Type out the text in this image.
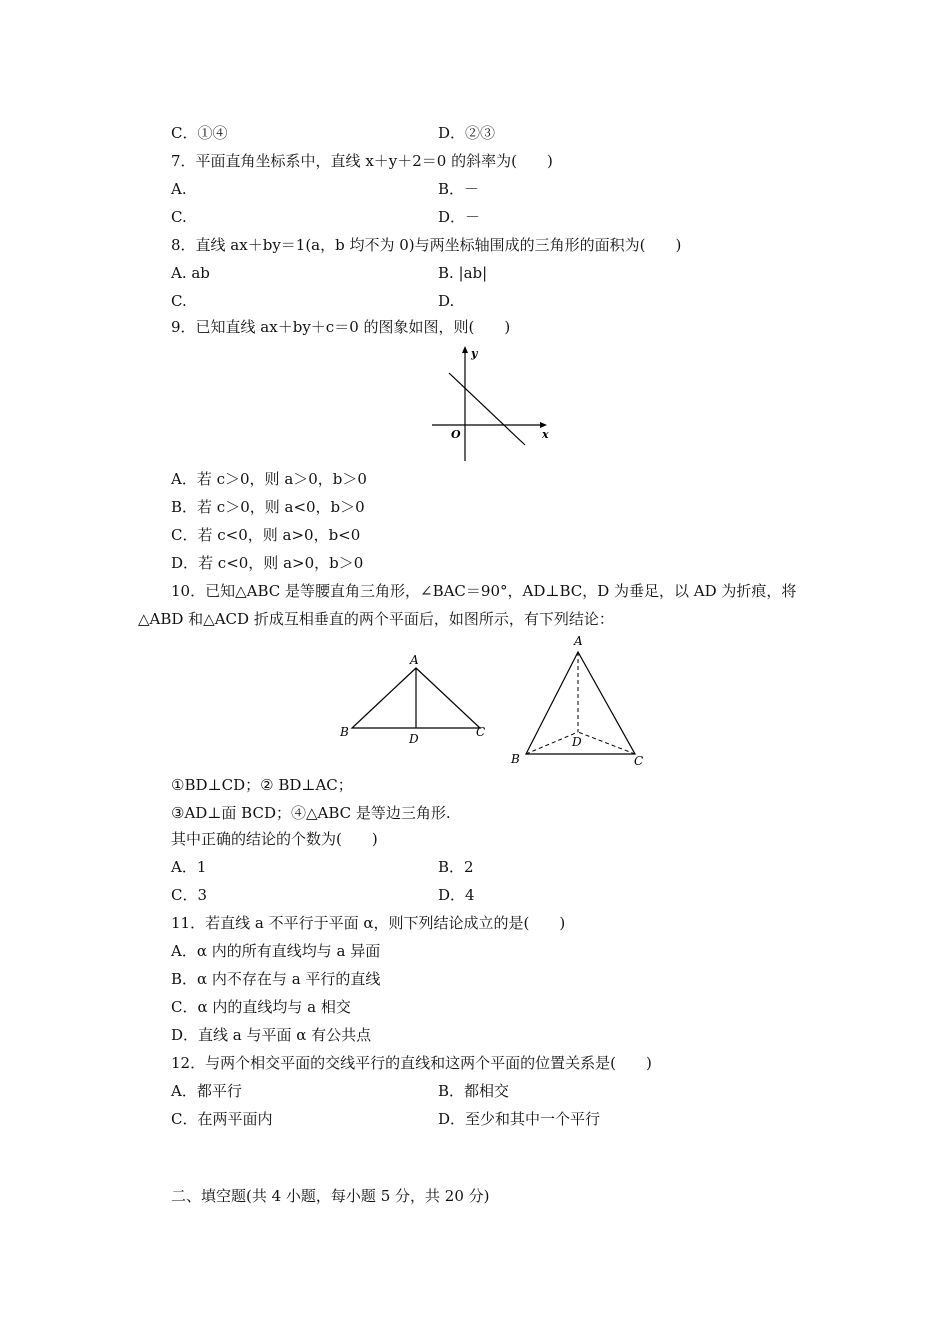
C．①④	D．②③
7．平面直角坐标系中，直线 x＋y＋2＝0 的斜率为(　　)
A.	B．－
C.	D．－
8．直线 ax＋by＝1(a，b 均不为 0)与两坐标轴围成的三角形的面积为(　　)
A. ab	B. |ab|
C.	D.
9．已知直线 ax＋by＋c＝0 的图象如图，则(　　)
y
x
O
A．若 c＞0，则 a＞0，b＞0
B．若 c＞0，则 a<0，b＞0
C．若 c<0，则 a>0，b<0
D．若 c<0，则 a>0，b＞0
10．已知△ABC 是等腰直角三角形，∠BAC＝90°，AD⊥BC，D 为垂足，以 AD 为折痕，将
△ABD 和△ACD 折成互相垂直的两个平面后，如图所示，有下列结论：
A
B	C
D
A
B	C
D
①BD⊥CD；② BD⊥AC；
③AD⊥面 BCD；④△ABC 是等边三角形.
其中正确的结论的个数为(　　)
A．1	B．2
C．3	D．4
11．若直线 a 不平行于平面 α，则下列结论成立的是(　　)
A．α 内的所有直线均与 a 异面
B．α 内不存在与 a 平行的直线
C．α 内的直线均与 a 相交
D．直线 a 与平面 α 有公共点
12．与两个相交平面的交线平行的直线和这两个平面的位置关系是(　　)
A．都平行	B．都相交
C．在两平面内	D．至少和其中一个平行
二、填空题(共 4 小题，每小题 5 分，共 20 分)
